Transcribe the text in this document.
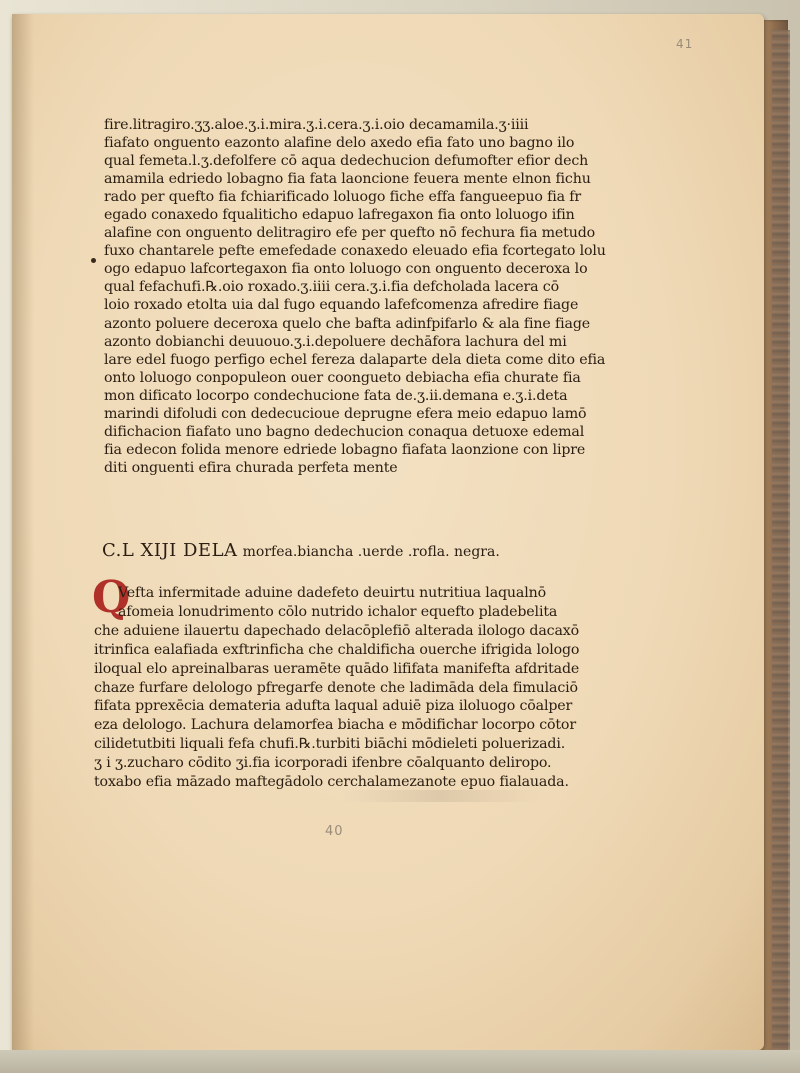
41
fire.litragiro.ʒʒ.aloe.ʒ.i.mira.ʒ.i.cera.ʒ.i.oio decamamila.ʒ·iiii
fiafato onguento eazonto alafine delo axedo efia fato uno bagno ilo
qual femeta.l.ʒ.defolfere cō aqua dedechucion defumofter efior dech
amamila edriedo lobagno fia fata laoncione feuera mente elnon fichu
rado per quefto fia fchiarificado loluogo fiche effa fangueepuo fia fr
egado conaxedo fqualiticho edapuo lafregaxon fia onto loluogo ifin
alafine con onguento delitragiro efe per quefto nō fechura fia metudo
fuxo chantarele pefte emefedade conaxedo eleuado efia fcortegato lolu
ogo edapuo lafcortegaxon fia onto loluogo con onguento deceroxa lo
qual fefachufi.℞.oio roxado.ʒ.iiii cera.ʒ.i.fia defcholada lacera cō
loio roxado etolta uia dal fugo equando lafefcomenza afredire fiage
azonto poluere deceroxa quelo che bafta adinfpifarlo & ala fine fiage
azonto dobianchi deuuouo.ʒ.i.depoluere dechāfora lachura del mi
lare edel fuogo perfigo echel fereza dalaparte dela dieta come dito efia
onto loluogo conpopuleon ouer coongueto debiacha efia churate fia
mon dificato locorpo condechucione fata de.ʒ.ii.demana e.ʒ.i.deta
marindi difoludi con dedecucioue deprugne efera meio edapuo lamō
difichacion fiafato uno bagno dedechucion conaqua detuoxe edemal
fia edecon folida menore edriede lobagno fiafata laonzione con lipre
diti onguenti efira churada perfeta mente
C.L XIJI DELA morfea.biancha .uerde .rofla. negra.
Q
Vefta infermitade aduine dadefeto deuirtu nutritiua laqualnō
afomeia lonudrimento cōlo nutrido ichalor equefto pladebelita
che aduiene ilauertu dapechado delacōplefiō alterada ilologo dacaxō
itrinfica ealafiada exftrinficha che chaldificha ouerche ifrigida lologo
iloqual elo apreinalbaras ueramēte quādo lififata manifefta afdritade
chaze furfare delologo pfregarfe denote che ladimāda dela fimulaciō
fifata pprexēcia demateria adufta laqual aduiē piza iloluogo cōalper
eza delologo. Lachura delamorfea biacha e mōdifichar locorpo cōtor
cilidetutbiti liquali fefa chufi.℞.turbiti biāchi mōdieleti poluerizadi.
ʒ i ʒ.zucharo cōdito ʒi.fia icorporadi ifenbre cōalquanto deliropo.
toxabo efia māzado maftegādolo cerchalamezanote epuo fialauada.
40
